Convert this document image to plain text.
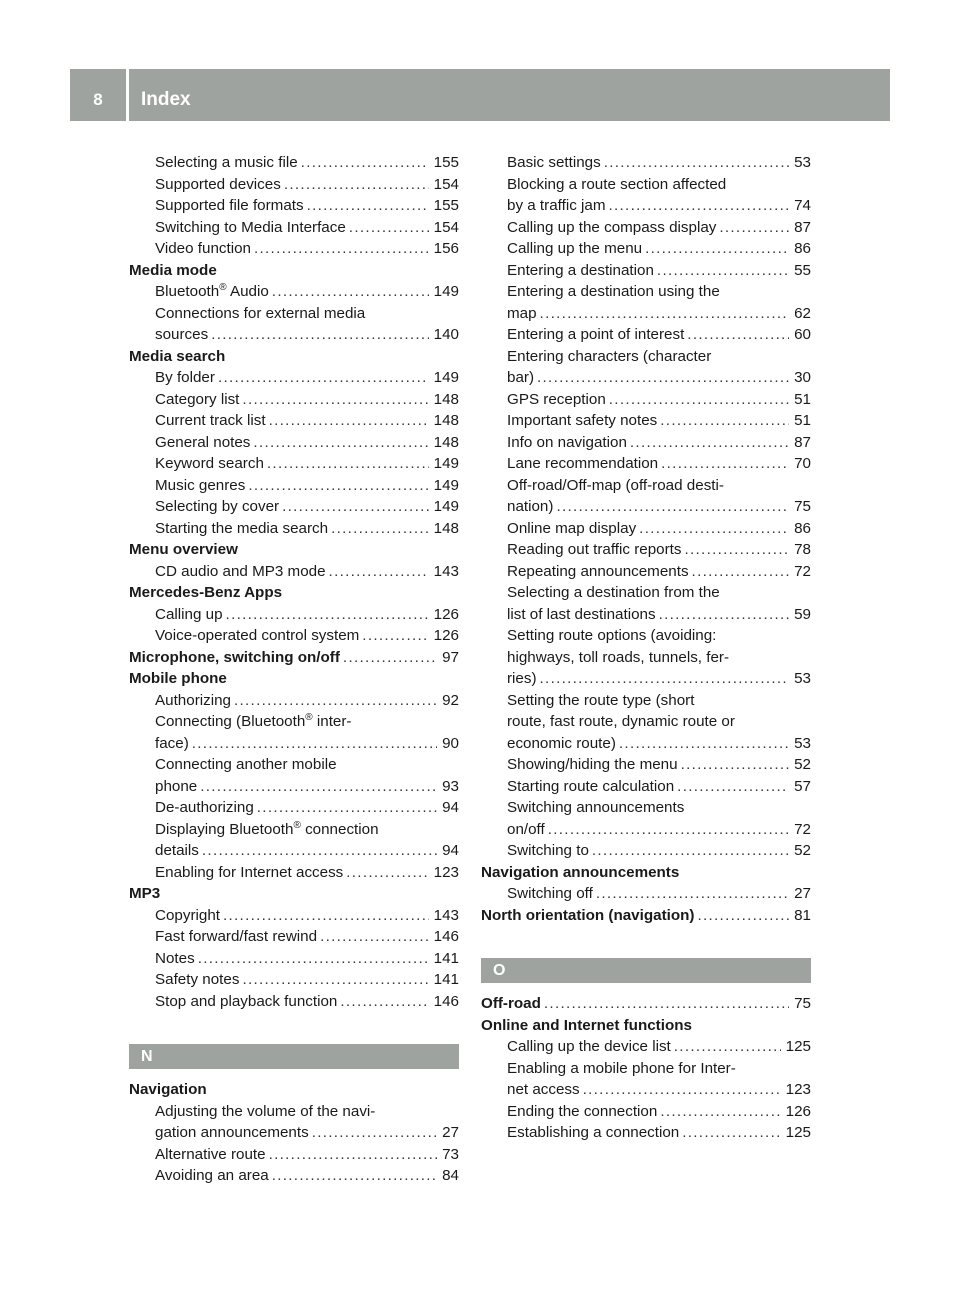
8	Index
Selecting a music file .....	155
Supported devices .....	154
Supported file formats .....	155
Switching to Media Interface .....	154
Video function .....	156
Media mode
Bluetooth® Audio .....	149
Connections for external media
sources .....	140
Media search
By folder .....	149
Category list .....	148
Current track list .....	148
General notes .....	148
Keyword search .....	149
Music genres .....	149
Selecting by cover .....	149
Starting the media search .....	148
Menu overview
CD audio and MP3 mode .....	143
Mercedes-Benz Apps
Calling up .....	126
Voice-operated control system .....	126
Microphone, switching on/off .....	97
Mobile phone
Authorizing .....	92
Connecting (Bluetooth® inter-
face) .....	90
Connecting another mobile
phone .....	93
De-authorizing .....	94
Displaying Bluetooth® connection
details .....	94
Enabling for Internet access .....	123
MP3
Copyright .....	143
Fast forward/fast rewind .....	146
Notes .....	141
Safety notes .....	141
Stop and playback function .....	146
N
Navigation
Adjusting the volume of the navi-
gation announcements .....	27
Alternative route .....	73
Avoiding an area .....	84
Basic settings .....	53
Blocking a route section affected
by a traffic jam .....	74
Calling up the compass display .....	87
Calling up the menu .....	86
Entering a destination .....	55
Entering a destination using the
map .....	62
Entering a point of interest .....	60
Entering characters (character
bar) .....	30
GPS reception .....	51
Important safety notes .....	51
Info on navigation .....	87
Lane recommendation .....	70
Off-road/Off-map (off-road desti-
nation) .....	75
Online map display .....	86
Reading out traffic reports .....	78
Repeating announcements .....	72
Selecting a destination from the
list of last destinations .....	59
Setting route options (avoiding:
highways, toll roads, tunnels, fer-
ries) .....	53
Setting the route type (short
route, fast route, dynamic route or
economic route) .....	53
Showing/hiding the menu .....	52
Starting route calculation .....	57
Switching announcements
on/off .....	72
Switching to .....	52
Navigation announcements
Switching off .....	27
North orientation (navigation) .....	81
O
Off-road .....	75
Online and Internet functions
Calling up the device list .....	125
Enabling a mobile phone for Inter-
net access .....	123
Ending the connection .....	126
Establishing a connection .....	125
